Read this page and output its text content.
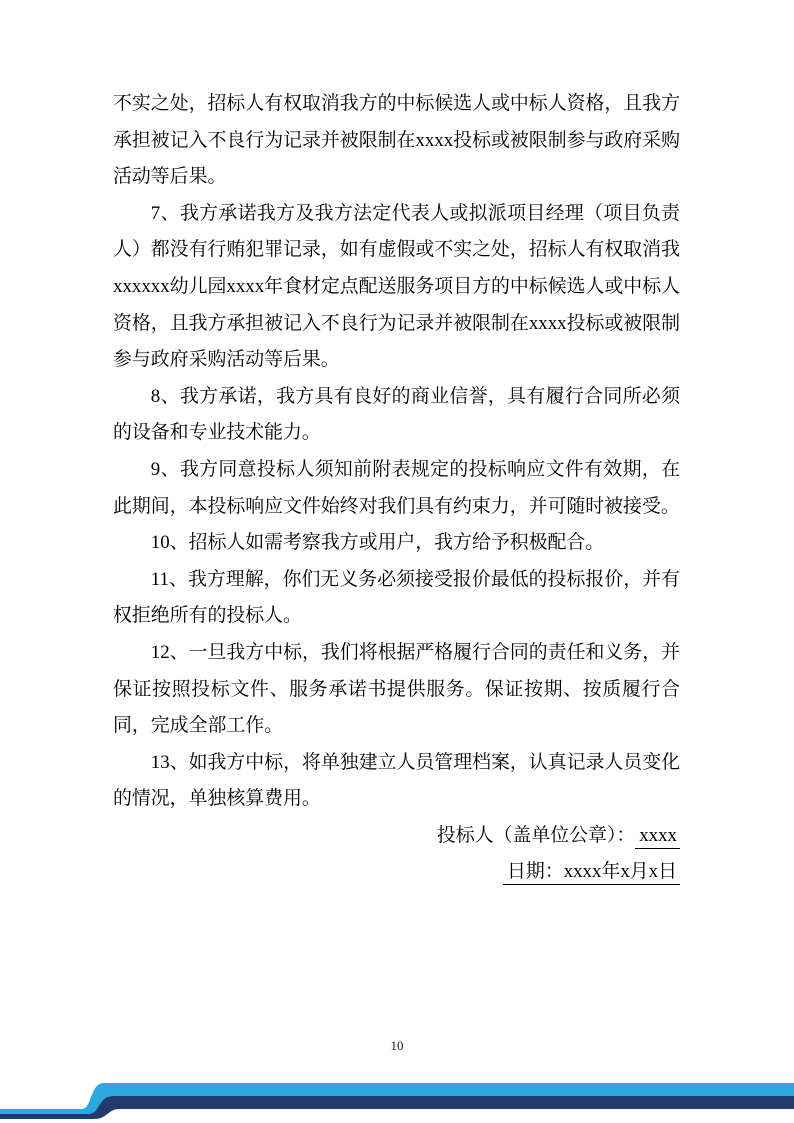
不实之处，招标人有权取消我方的中标候选人或中标人资格，且我方承担被记入不良行为记录并被限制在xxxx投标或被限制参与政府采购活动等后果。

7、我方承诺我方及我方法定代表人或拟派项目经理（项目负责人）都没有行贿犯罪记录，如有虚假或不实之处，招标人有权取消我xxxxxx幼儿园xxxx年食材定点配送服务项目方的中标候选人或中标人资格，且我方承担被记入不良行为记录并被限制在xxxx投标或被限制参与政府采购活动等后果。

8、我方承诺，我方具有良好的商业信誉，具有履行合同所必须的设备和专业技术能力。

9、我方同意投标人须知前附表规定的投标响应文件有效期，在此期间，本投标响应文件始终对我们具有约束力，并可随时被接受。

10、招标人如需考察我方或用户，我方给予积极配合。

11、我方理解，你们无义务必须接受报价最低的投标报价，并有权拒绝所有的投标人。

12、一旦我方中标，我们将根据严格履行合同的责任和义务，并保证按照投标文件、服务承诺书提供服务。保证按期、按质履行合同，完成全部工作。

13、如我方中标，将单独建立人员管理档案，认真记录人员变化的情况，单独核算费用。

投标人（盖单位公章）： xxxx

日期：xxxx年x月x日

10
